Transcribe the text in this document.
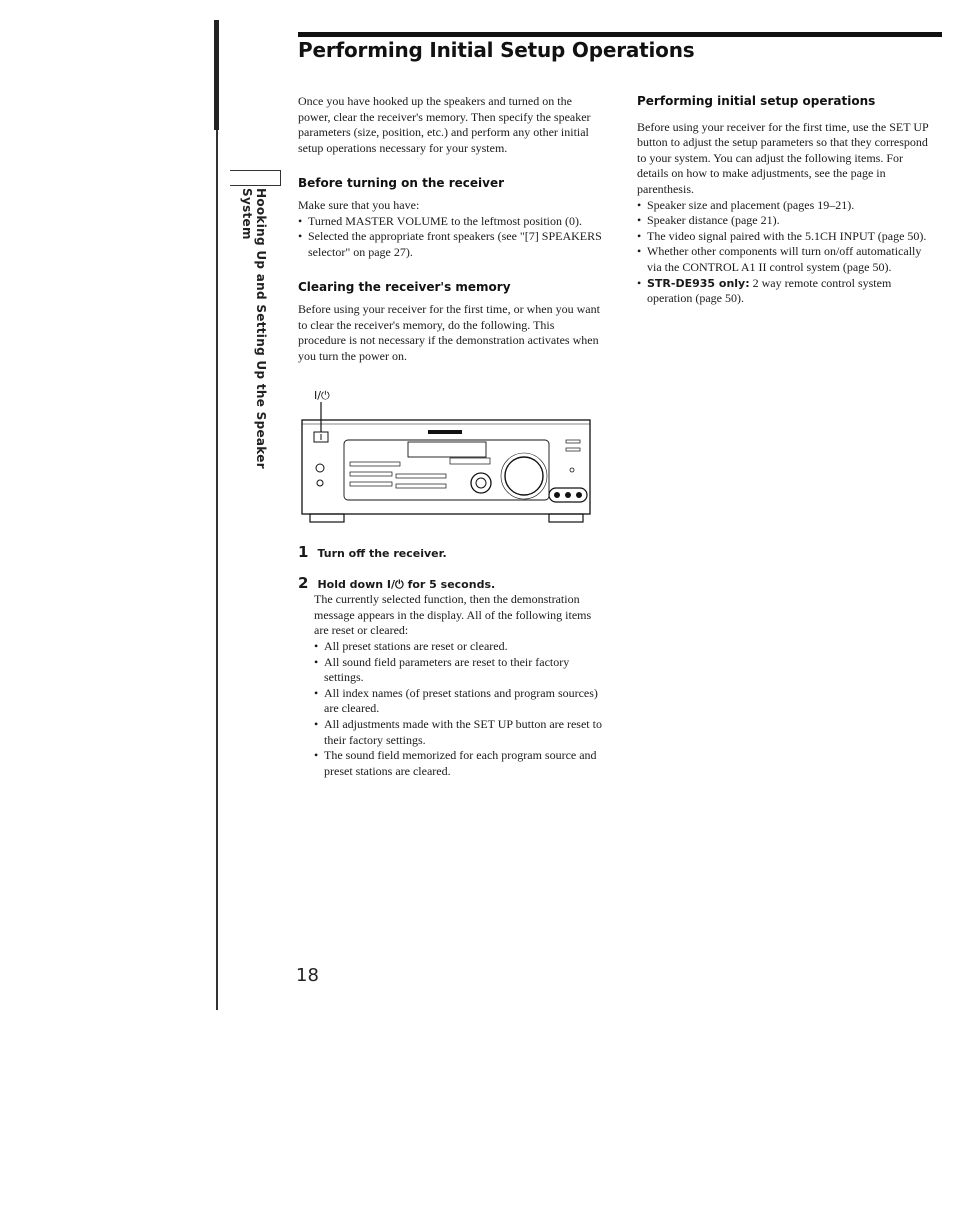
Hooking Up and Setting Up the Speaker System
Performing Initial Setup Operations

Once you have hooked up the speakers and turned on the power, clear the receiver's memory. Then specify the speaker parameters (size, position, etc.) and perform any other initial setup operations necessary for your system.

Before turning on the receiver

Make sure that you have:

• Turned MASTER VOLUME to the leftmost position (0).
• Selected the appropriate front speakers (see "[7] SPEAKERS selector" on page 27).
Clearing the receiver's memory

Before using your receiver for the first time, or when you want to clear the receiver's memory, do the following. This procedure is not necessary if the demonstration activates when you turn the power on.

I/⏻
1 Turn off the receiver.
2 Hold down I/⏻ for 5 seconds.

The currently selected function, then the demonstration message appears in the display. All of the following items are reset or cleared:

• All preset stations are reset or cleared.
• All sound field parameters are reset to their factory settings.
• All index names (of preset stations and program sources) are cleared.
• All adjustments made with the SET UP button are reset to their factory settings.
• The sound field memorized for each program source and preset stations are cleared.
Performing initial setup operations

Before using your receiver for the first time, use the SET UP button to adjust the setup parameters so that they correspond to your system. You can adjust the following items. For details on how to make adjustments, see the page in parenthesis.

• Speaker size and placement (pages 19–21).
• Speaker distance (page 21).
• The video signal paired with the 5.1CH INPUT (page 50).
• Whether other components will turn on/off automatically via the CONTROL A1 II control system (page 50).
• STR-DE935 only: 2 way remote control system operation (page 50).
18
